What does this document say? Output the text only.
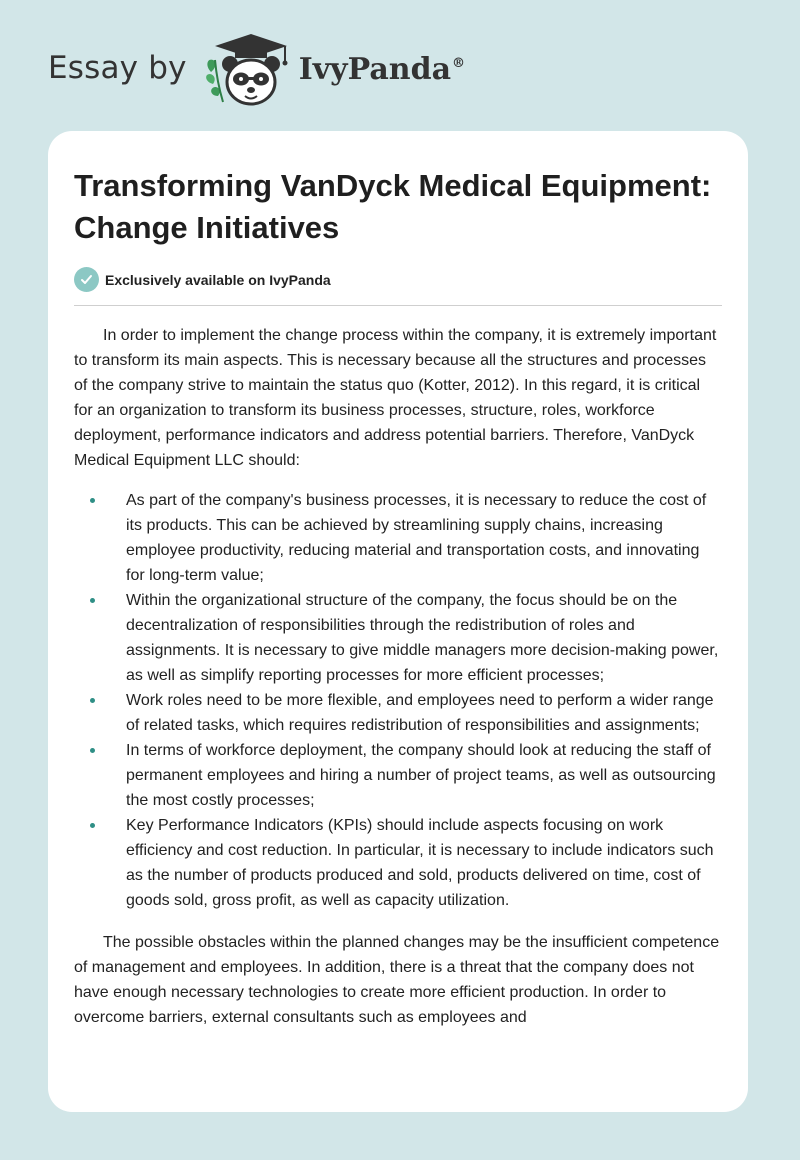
Essay by	IvyPanda®
Transforming VanDyck Medical Equipment: Change Initiatives
Exclusively available on IvyPanda

In order to implement the change process within the company, it is extremely important to transform its main aspects. This is necessary because all the structures and processes of the company strive to maintain the status quo (Kotter, 2012). In this regard, it is critical for an organization to transform its business processes, structure, roles, workforce deployment, performance indicators and address potential barriers. Therefore, VanDyck Medical Equipment LLC should:

As part of the company's business processes, it is necessary to reduce the cost of its products. This can be achieved by streamlining supply chains, increasing employee productivity, reducing material and transportation costs, and innovating for long-term value;
Within the organizational structure of the company, the focus should be on the decentralization of responsibilities through the redistribution of roles and assignments. It is necessary to give middle managers more decision-making power, as well as simplify reporting processes for more efficient processes;
Work roles need to be more flexible, and employees need to perform a wider range of related tasks, which requires redistribution of responsibilities and assignments;
In terms of workforce deployment, the company should look at reducing the staff of permanent employees and hiring a number of project teams, as well as outsourcing the most costly processes;
Key Performance Indicators (KPIs) should include aspects focusing on work efficiency and cost reduction. In particular, it is necessary to include indicators such as the number of products produced and sold, products delivered on time, cost of goods sold, gross profit, as well as capacity utilization.

The possible obstacles within the planned changes may be the insufficient competence of management and employees. In addition, there is a threat that the company does not have enough necessary technologies to create more efficient production. In order to overcome barriers, external consultants such as employees and
